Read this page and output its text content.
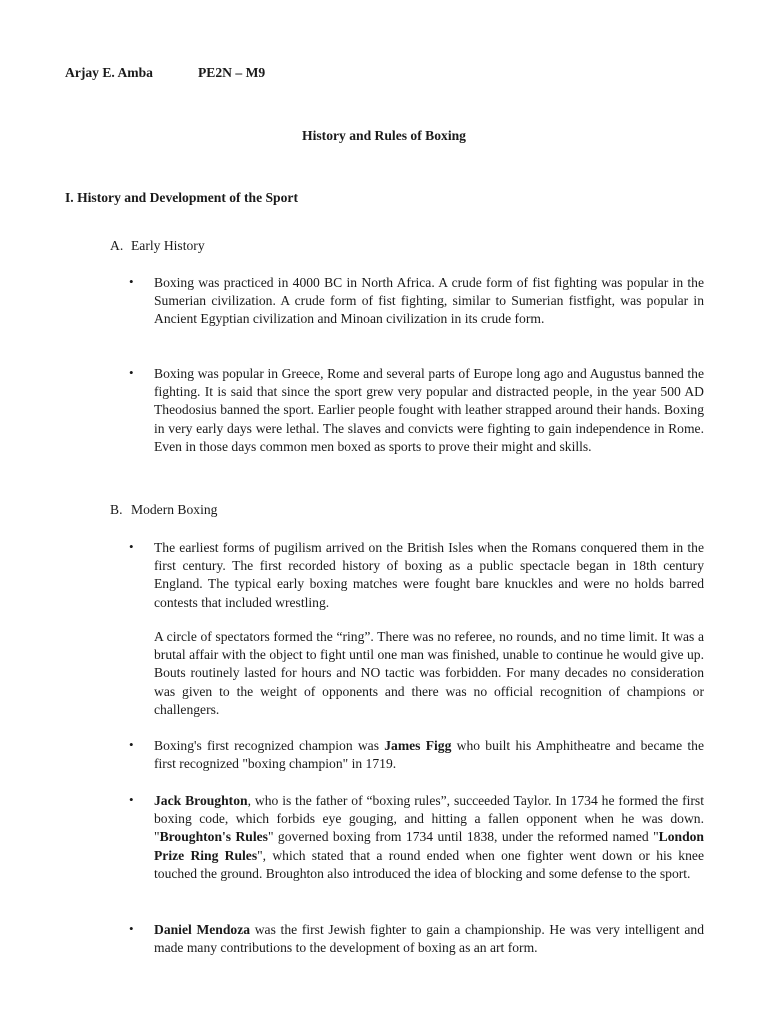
Arjay E. Amba	PE2N – M9
History and Rules of Boxing
I. History and Development of the Sport
A. Early History
•	Boxing was practiced in 4000 BC in North Africa. A crude form of fist fighting was popular in the Sumerian civilization. A crude form of fist fighting, similar to Sumerian fistfight, was popular in Ancient Egyptian civilization and Minoan civilization in its crude form.
•	Boxing was popular in Greece, Rome and several parts of Europe long ago and Augustus banned the fighting. It is said that since the sport grew very popular and distracted people, in the year 500 AD Theodosius banned the sport. Earlier people fought with leather strapped around their hands. Boxing in very early days were lethal. The slaves and convicts were fighting to gain independence in Rome. Even in those days common men boxed as sports to prove their might and skills.
B. Modern Boxing
•	The earliest forms of pugilism arrived on the British Isles when the Romans conquered them in the first century. The first recorded history of boxing as a public spectacle began in 18th century England. The typical early boxing matches were fought bare knuckles and were no holds barred contests that included wrestling.
A circle of spectators formed the “ring”. There was no referee, no rounds, and no time limit. It was a brutal affair with the object to fight until one man was finished, unable to continue he would give up. Bouts routinely lasted for hours and NO tactic was forbidden. For many decades no consideration was given to the weight of opponents and there was no official recognition of champions or challengers.
•	Boxing's first recognized champion was James Figg who built his Amphitheatre and became the first recognized "boxing champion" in 1719.
•	Jack Broughton, who is the father of “boxing rules”, succeeded Taylor. In 1734 he formed the first boxing code, which forbids eye gouging, and hitting a fallen opponent when he was down. "Broughton's Rules" governed boxing from 1734 until 1838, under the reformed named "London Prize Ring Rules", which stated that a round ended when one fighter went down or his knee touched the ground. Broughton also introduced the idea of blocking and some defense to the sport.
•	Daniel Mendoza was the first Jewish fighter to gain a championship. He was very intelligent and made many contributions to the development of boxing as an art form.
